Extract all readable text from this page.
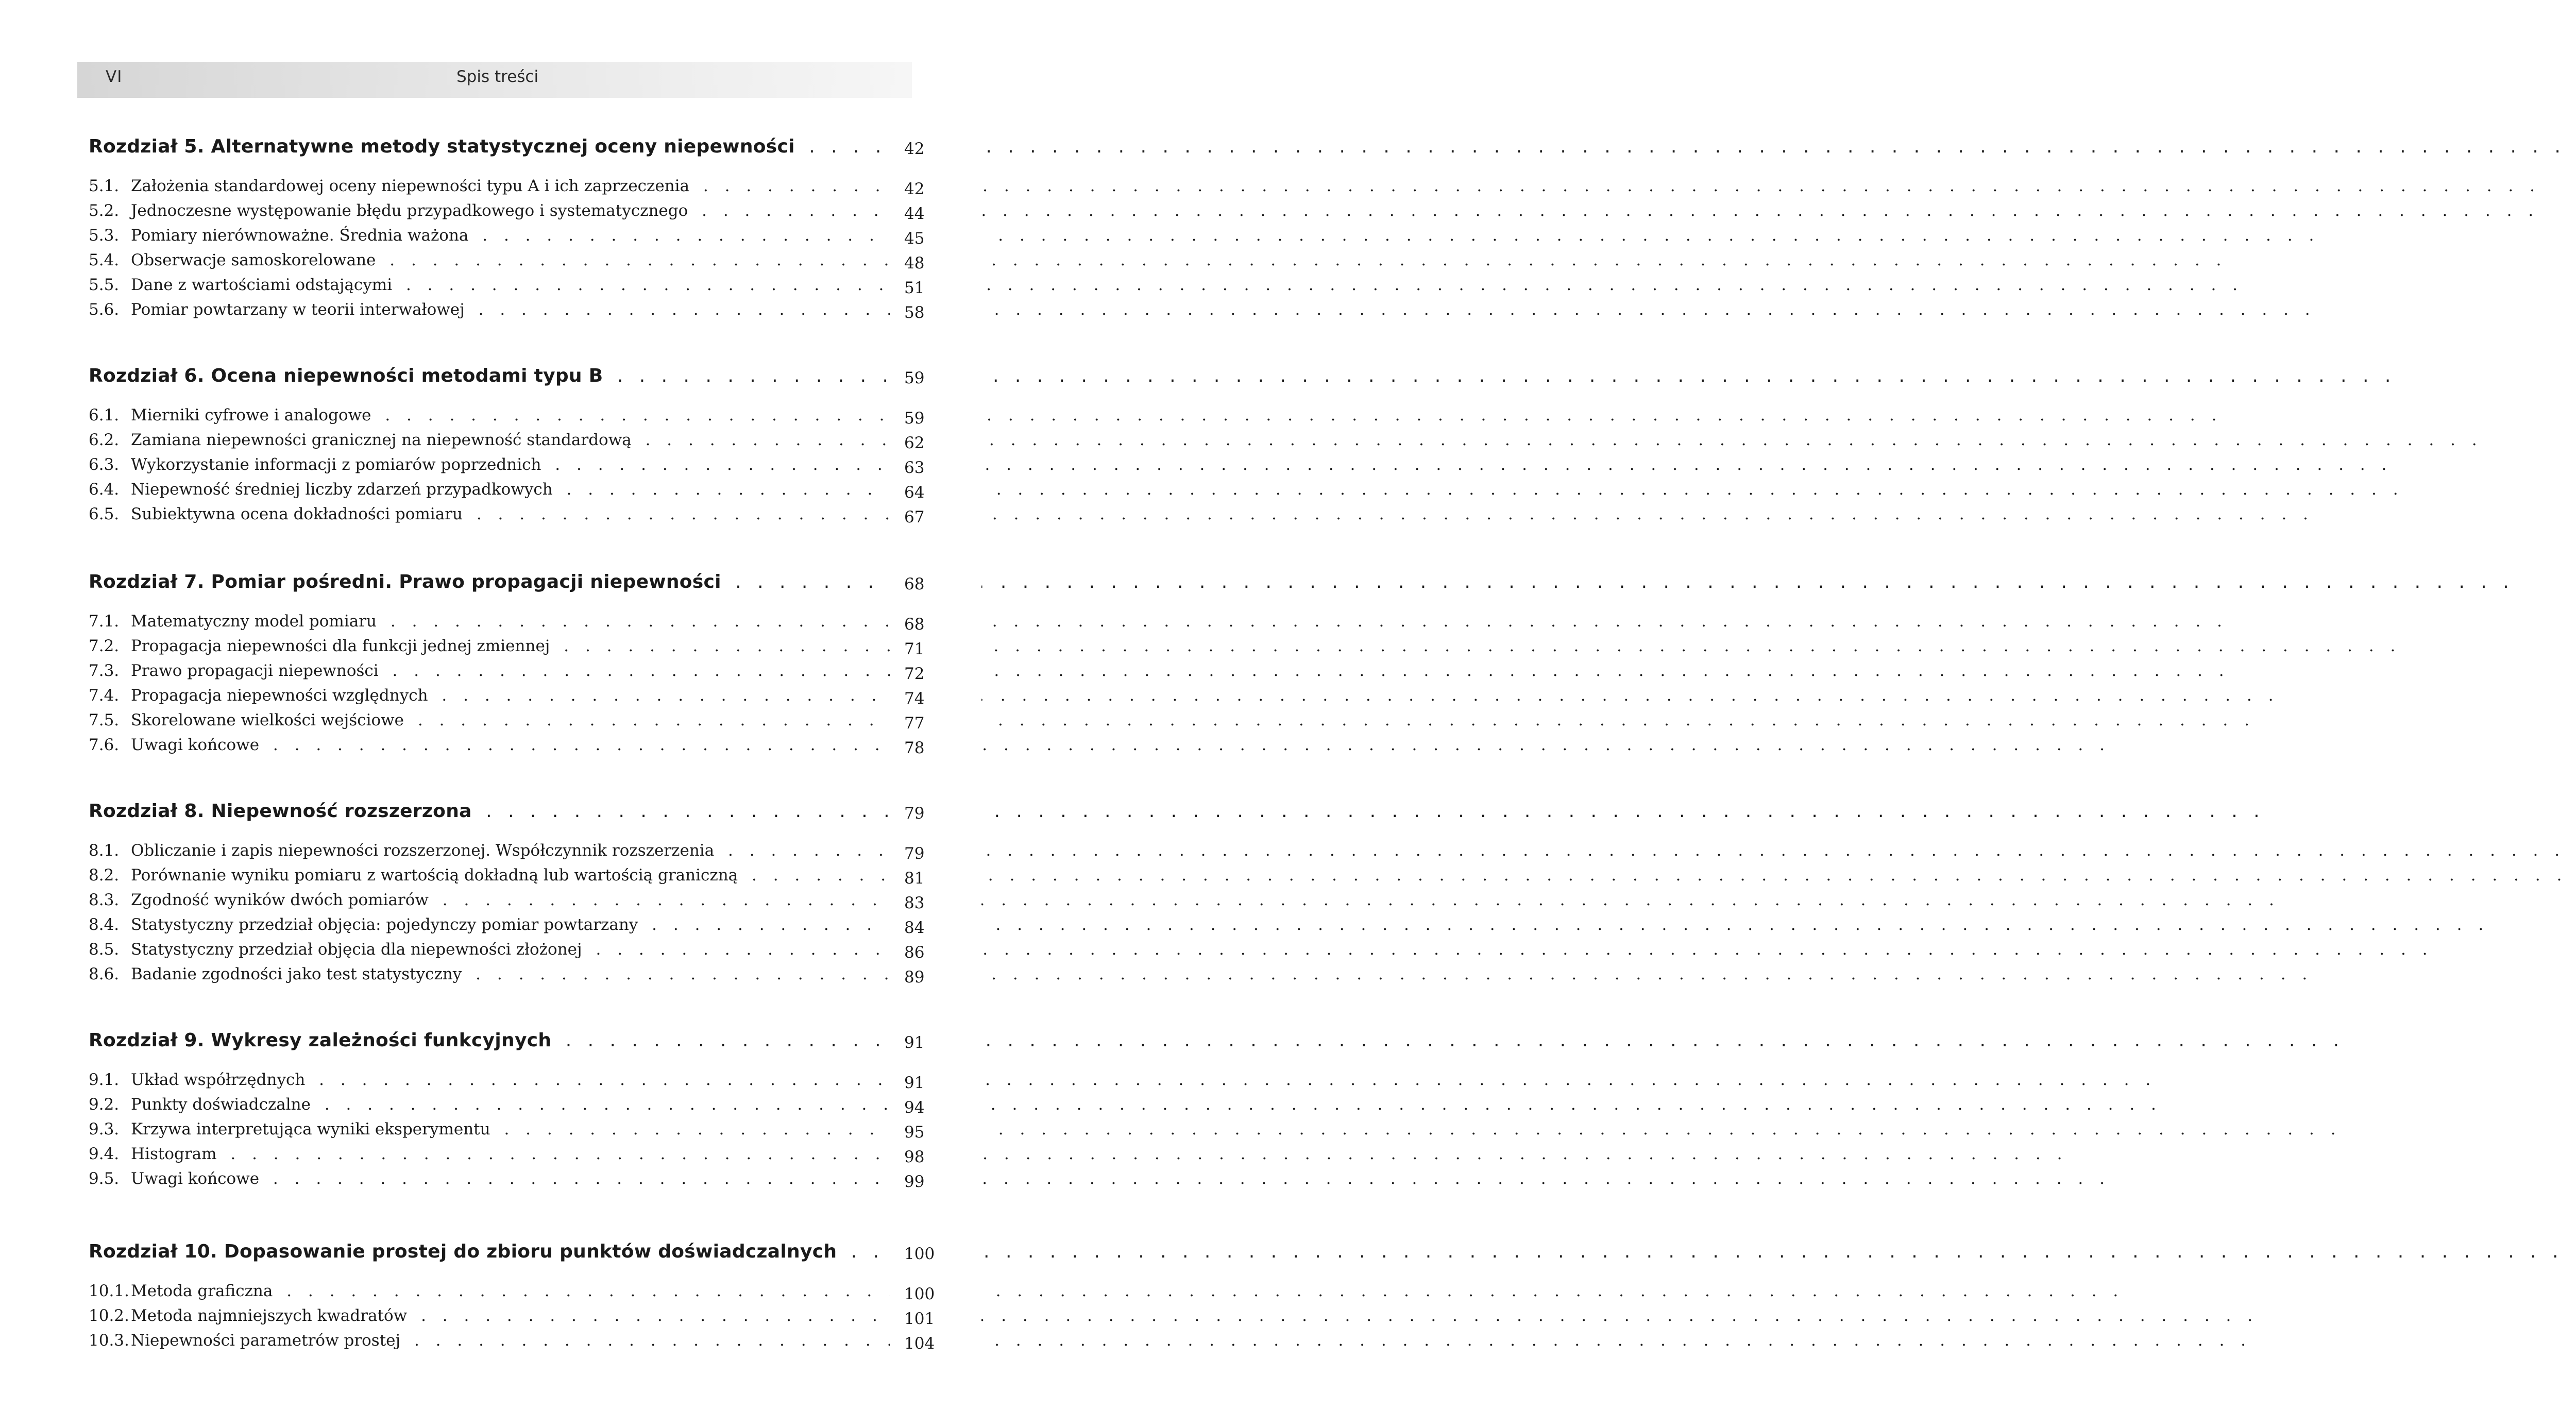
VI	Spis treści
Rozdział 5. Alternatywne metody statystycznej oceny niepewności . . .	42
5.1. Założenia standardowej oceny niepewności typu A i ich zaprzeczenia . . .	42
5.2. Jednoczesne występowanie błędu przypadkowego i systematycznego . . .	44
5.3. Pomiary nierównoważne. Średnia ważona . . .	45
5.4. Obserwacje samoskorelowane . . .	48
5.5. Dane z wartościami odstającymi . . .	51
5.6. Pomiar powtarzany w teorii interwałowej . . .	58
Rozdział 6. Ocena niepewności metodami typu B . . .	59
6.1. Mierniki cyfrowe i analogowe . . .	59
6.2. Zamiana niepewności granicznej na niepewność standardową . . .	62
6.3. Wykorzystanie informacji z pomiarów poprzednich . . .	63
6.4. Niepewność średniej liczby zdarzeń przypadkowych . . .	64
6.5. Subiektywna ocena dokładności pomiaru . . .	67
Rozdział 7. Pomiar pośredni. Prawo propagacji niepewności . . .	68
7.1. Matematyczny model pomiaru . . .	68
7.2. Propagacja niepewności dla funkcji jednej zmiennej . . .	71
7.3. Prawo propagacji niepewności . . .	72
7.4. Propagacja niepewności względnych . . .	74
7.5. Skorelowane wielkości wejściowe . . .	77
7.6. Uwagi końcowe . . .	78
Rozdział 8. Niepewność rozszerzona . . .	79
8.1. Obliczanie i zapis niepewności rozszerzonej. Współczynnik rozszerzenia . . .	79
8.2. Porównanie wyniku pomiaru z wartością dokładną lub wartością graniczną . . .	81
8.3. Zgodność wyników dwóch pomiarów . . .	83
8.4. Statystyczny przedział objęcia: pojedynczy pomiar powtarzany . . .	84
8.5. Statystyczny przedział objęcia dla niepewności złożonej . . .	86
8.6. Badanie zgodności jako test statystyczny . . .	89
Rozdział 9. Wykresy zależności funkcyjnych . . .	91
9.1. Układ współrzędnych . . .	91
9.2. Punkty doświadczalne . . .	94
9.3. Krzywa interpretująca wyniki eksperymentu . . .	95
9.4. Histogram . . .	98
9.5. Uwagi końcowe . . .	99
Rozdział 10. Dopasowanie prostej do zbioru punktów doświadczalnych . . .	100
10.1. Metoda graficzna . . .	100
10.2. Metoda najmniejszych kwadratów . . .	101
10.3. Niepewności parametrów prostej . . .	104
